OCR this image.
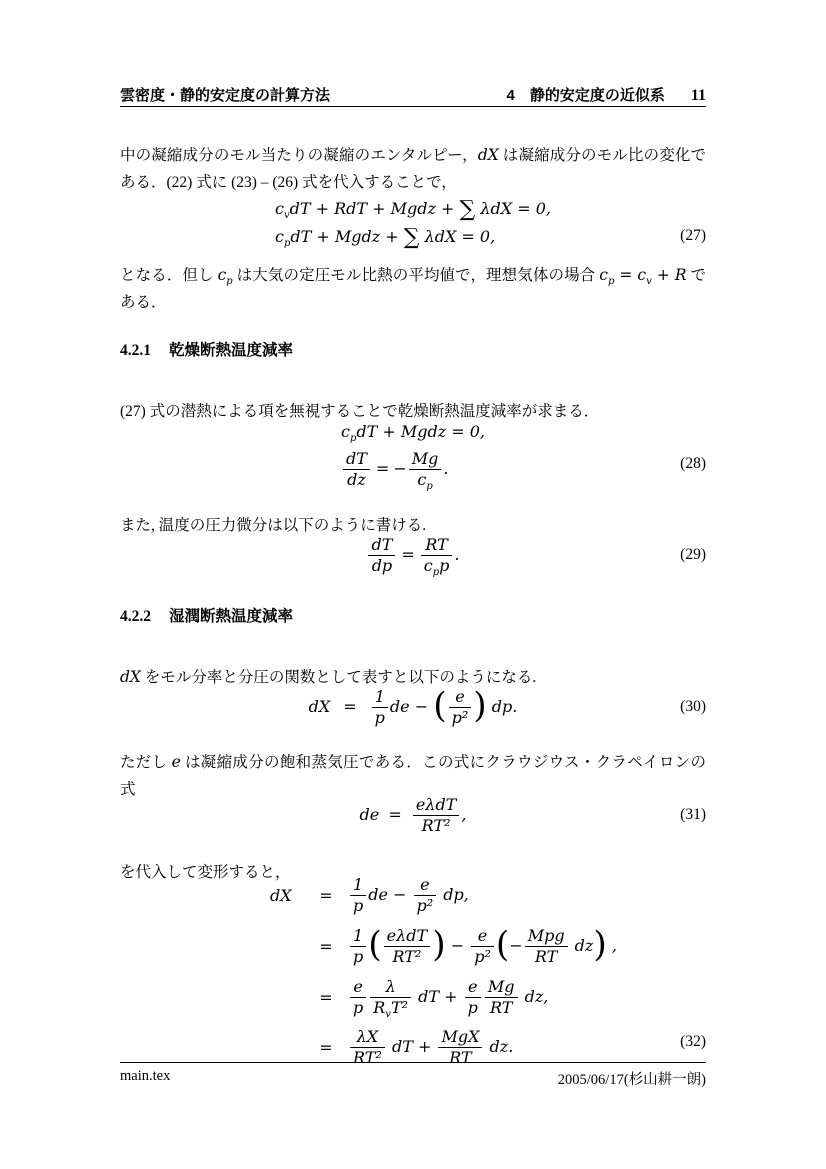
雲密度・静的安定度の計算方法	4　静的安定度の近似系 11

中の凝縮成分のモル当たりの凝縮のエンタルピー，dX は凝縮成分のモル比の変化である．(22) 式に (23) – (26) 式を代入することで，

$c_vdT$ + RdT + Mgdz + ∑ λdX = 0,
$c_pdT$ + Mgdz + ∑ λdX = 0,	(27)

となる．但し $c_p$ は大気の定圧モル比熱の平均値で，理想気体の場合 $c_p = c_v + R$ である．

4.2.1 乾燥断熱温度減率

(27) 式の潜熱による項を無視することで乾燥断熱温度減率が求まる．

$c_pdT$ + Mgdz = 0,
$\frac{dT}{dz}$ = − $\frac{Mg}{c_p}$ .	(28)

また, 温度の圧力微分は以下のように書ける.

$\frac{dT}{dp} = \frac{RT}{c_pp}$ .	(29)
4.2.2 湿潤断熱温度減率

dX をモル分率と分圧の関数として表すと以下のようになる.

dX = $\frac{1}{p}$ de − ( $\frac{e}{\text{p²}}$ ) dp.	(30)

ただし e は凝縮成分の飽和蒸気圧である．この式にクラウジウス・クラペイロンの式

de = $\frac{\text{eλdT}}{\text{RT²}}$ ,	(31)

を代入して変形すると，

dX	= $\frac{1}{p}$ de − $\frac{e}{\text{p²}}$ dp,
= $\frac{1}{p}$ ( $\frac{\text{eλdT}}{\text{RT²}}$ ) − $\frac{e}{\text{p²}}$ (− $\frac{\text{Mpg}}{RT} dz$) ,
= $\frac{e}{p} \frac{\lambda}{R_vT^2}$ dT + $\frac{e}{p} \frac{Mg}{RT}$ dz,
= $\frac{\lambda X}{\text{RT²}}$ dT + $\frac{\text{MgX}}{RT}$ dz.	(32)
main.tex	2005/06/17(杉山耕一朗)
